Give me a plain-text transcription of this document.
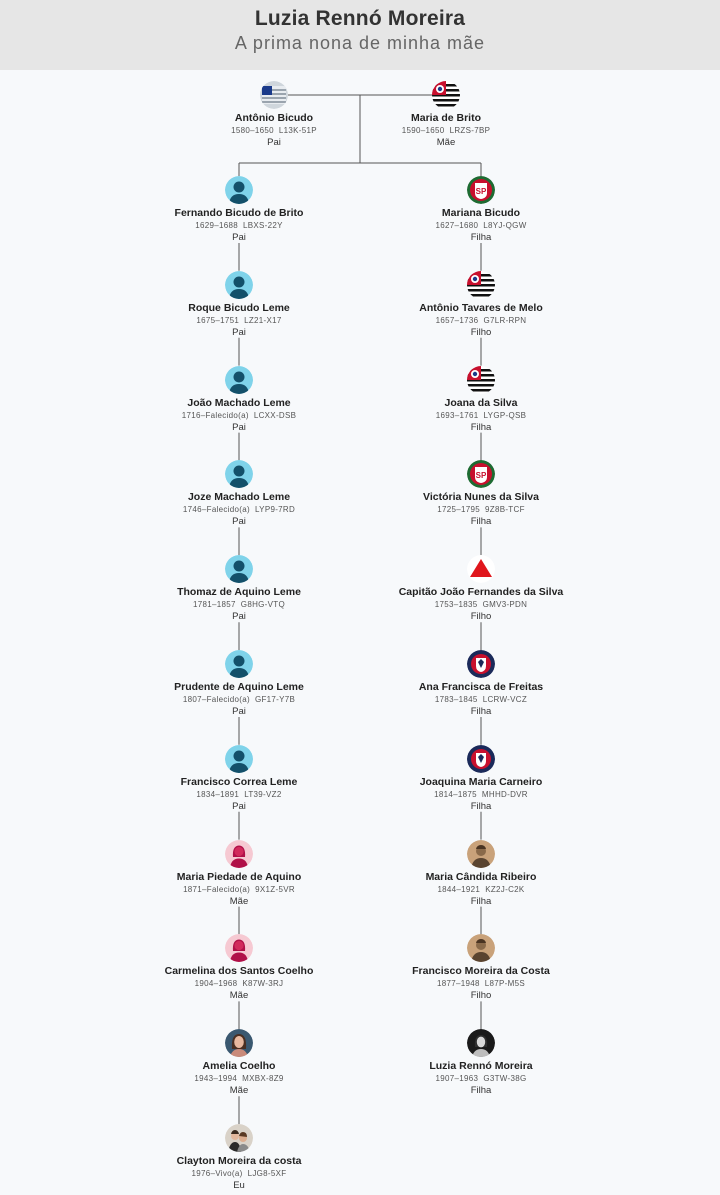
Luzia Rennó Moreira
A prima nona de minha mãe
Antônio Bicudo
1580–1650 L13K-51P
Pai
Maria de Brito
1590–1650 LRZS-7BP
Mãe
Fernando Bicudo de Brito
1629–1688 LBXS-22Y
Pai
Roque Bicudo Leme
1675–1751 LZ21-X17
Pai
João Machado Leme
1716–Falecido(a) LCXX-DSB
Pai
Joze Machado Leme
1746–Falecido(a) LYP9-7RD
Pai
Thomaz de Aquino Leme
1781–1857 G8HG-VTQ
Pai
Prudente de Aquino Leme
1807–Falecido(a) GF17-Y7B
Pai
Francisco Correa Leme
1834–1891 LT39-VZ2
Pai
Maria Piedade de Aquino
1871–Falecido(a) 9X1Z-5VR
Mãe
Carmelina dos Santos Coelho
1904–1968 K87W-3RJ
Mãe
Amelia Coelho
1943–1994 MXBX-8Z9
Mãe
Clayton Moreira da costa
1976–Vivo(a) LJG8-5XF
Eu
SP
Mariana Bicudo
1627–1680 L8YJ-QGW
Filha
Antônio Tavares de Melo
1657–1736 G7LR-RPN
Filho
Joana da Silva
1693–1761 LYGP-QSB
Filha
SP
Victória Nunes da Silva
1725–1795 9Z8B-TCF
Filha
Capitão João Fernandes da Silva
1753–1835 GMV3-PDN
Filho
Ana Francisca de Freitas
1783–1845 LCRW-VCZ
Filha
Joaquina Maria Carneiro
1814–1875 MHHD-DVR
Filha
Maria Cândida Ribeiro
1844–1921 KZ2J-C2K
Filha
Francisco Moreira da Costa
1877–1948 L87P-M5S
Filho
Luzia Rennó Moreira
1907–1963 G3TW-38G
Filha
